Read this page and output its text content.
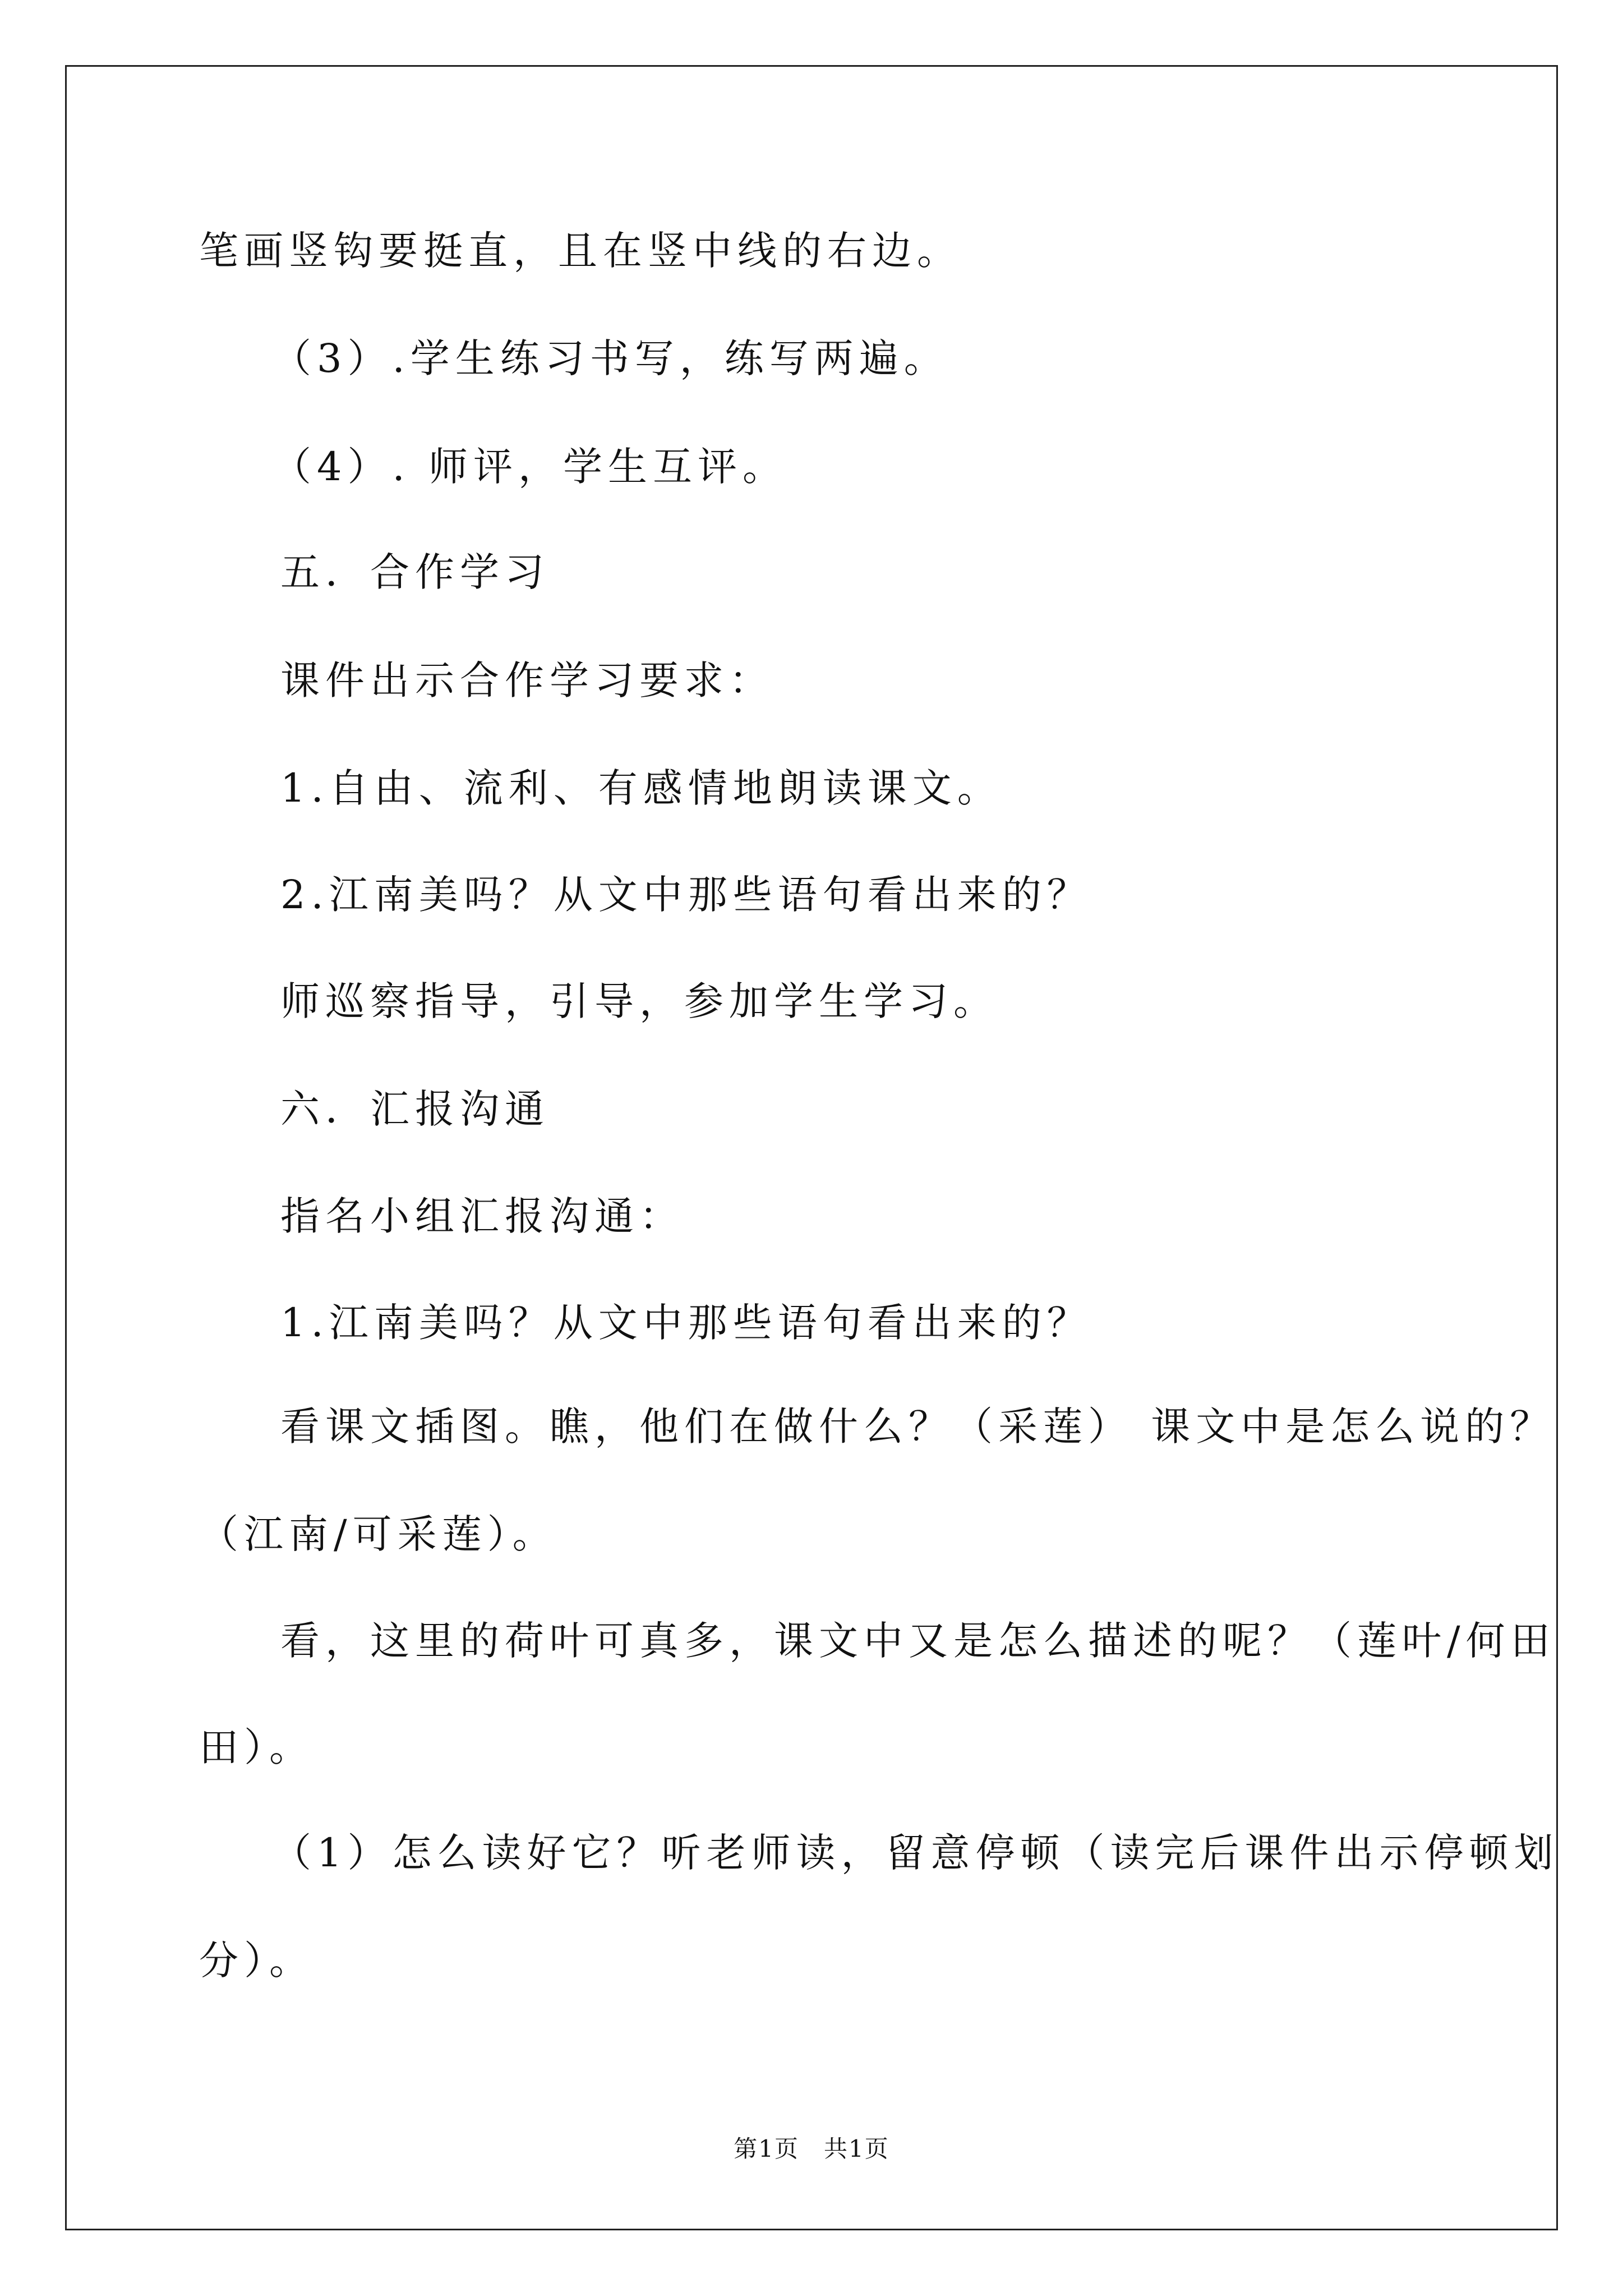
笔画竖钩要挺直，且在竖中线的右边。
（3）.学生练习书写，练写两遍。
（4）. 师评，学生互评。
五．合作学习
课件出示合作学习要求：
1.自由、流利、有感情地朗读课文。
2.江南美吗？从文中那些语句看出来的？
师巡察指导，引导，参加学生学习。
六．汇报沟通
指名小组汇报沟通：
1.江南美吗？从文中那些语句看出来的？
看课文插图。瞧，他们在做什么？（采莲） 课文中是怎么说的？
（江南/可采莲）。
看，这里的荷叶可真多，课文中又是怎么描述的呢？（莲叶/何田
田）。
（1）怎么读好它？听老师读，留意停顿（读完后课件出示停顿划
分）。
第1页　共1页
